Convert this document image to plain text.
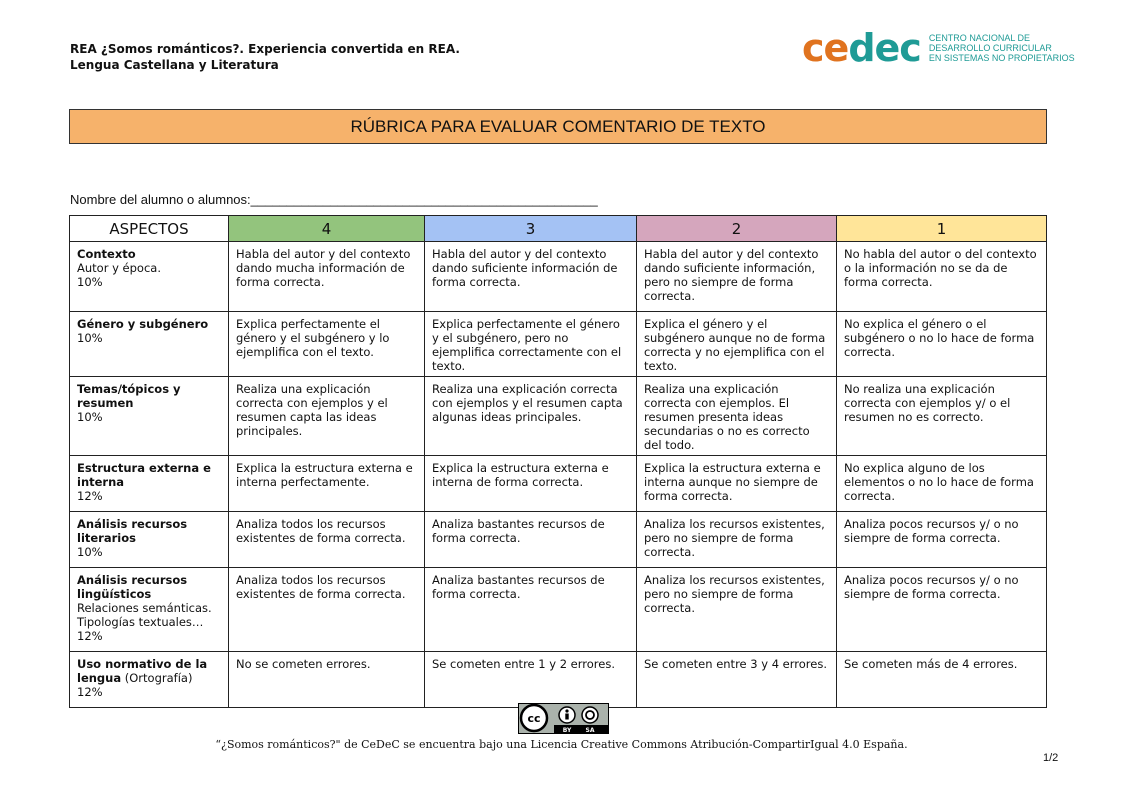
REA ¿Somos románticos?. Experiencia convertida en REA.
Lengua Castellana y Literatura	cedec CENTRO NACIONAL DE
DESARROLLO CURRICULAR
EN SISTEMAS NO PROPIETARIOS
RÚBRICA PARA EVALUAR COMENTARIO DE TEXTO
Nombre del alumno o alumnos:________________________________________________
ASPECTOS	4	3	2	1
Contexto
Autor y época.
10%	Habla del autor y del contexto dando mucha información de forma correcta.	Habla del autor y del contexto dando suficiente información de forma correcta.	Habla del autor y del contexto dando suficiente información, pero no siempre de forma correcta.	No habla del autor o del contexto o la información no se da de forma correcta.
Género y subgénero
10%	Explica perfectamente el género y el subgénero y lo ejemplifica con el texto.	Explica perfectamente el género y el subgénero, pero no ejemplifica correctamente con el texto.	Explica el género y el subgénero aunque no de forma correcta y no ejemplifica con el texto.	No explica el género o el subgénero o no lo hace de forma correcta.
Temas/tópicos y resumen
10%	Realiza una explicación correcta con ejemplos y el resumen capta las ideas principales.	Realiza una explicación correcta con ejemplos y el resumen capta algunas ideas principales.	Realiza una explicación correcta con ejemplos. El resumen presenta ideas secundarias o no es correcto del todo.	No realiza una explicación correcta con ejemplos y/ o el resumen no es correcto.
Estructura externa e interna
12%	Explica la estructura externa e interna perfectamente.	Explica la estructura externa e interna de forma correcta.	Explica la estructura externa e interna aunque no siempre de forma correcta.	No explica alguno de los elementos o no lo hace de forma correcta.
Análisis recursos literarios
10%	Analiza todos los recursos existentes de forma correcta.	Analiza bastantes recursos de forma correcta.	Analiza los recursos existentes, pero no siempre de forma correcta.	Analiza pocos recursos y/ o no siempre de forma correcta.
Análisis recursos lingüísticos
Relaciones semánticas.
Tipologías textuales…
12%	Analiza todos los recursos existentes de forma correcta.	Analiza bastantes recursos de forma correcta.	Analiza los recursos existentes, pero no siempre de forma correcta.	Analiza pocos recursos y/ o no siempre de forma correcta.
Uso normativo de la lengua (Ortografía)
12%	No se cometen errores.	Se cometen entre 1 y 2 errores.	Se cometen entre 3 y 4 errores.	Se cometen más de 4 errores.
cc
BY SA
“¿Somos románticos?" de CeDeC se encuentra bajo una Licencia Creative Commons Atribución-CompartirIgual 4.0 España.
1/2
